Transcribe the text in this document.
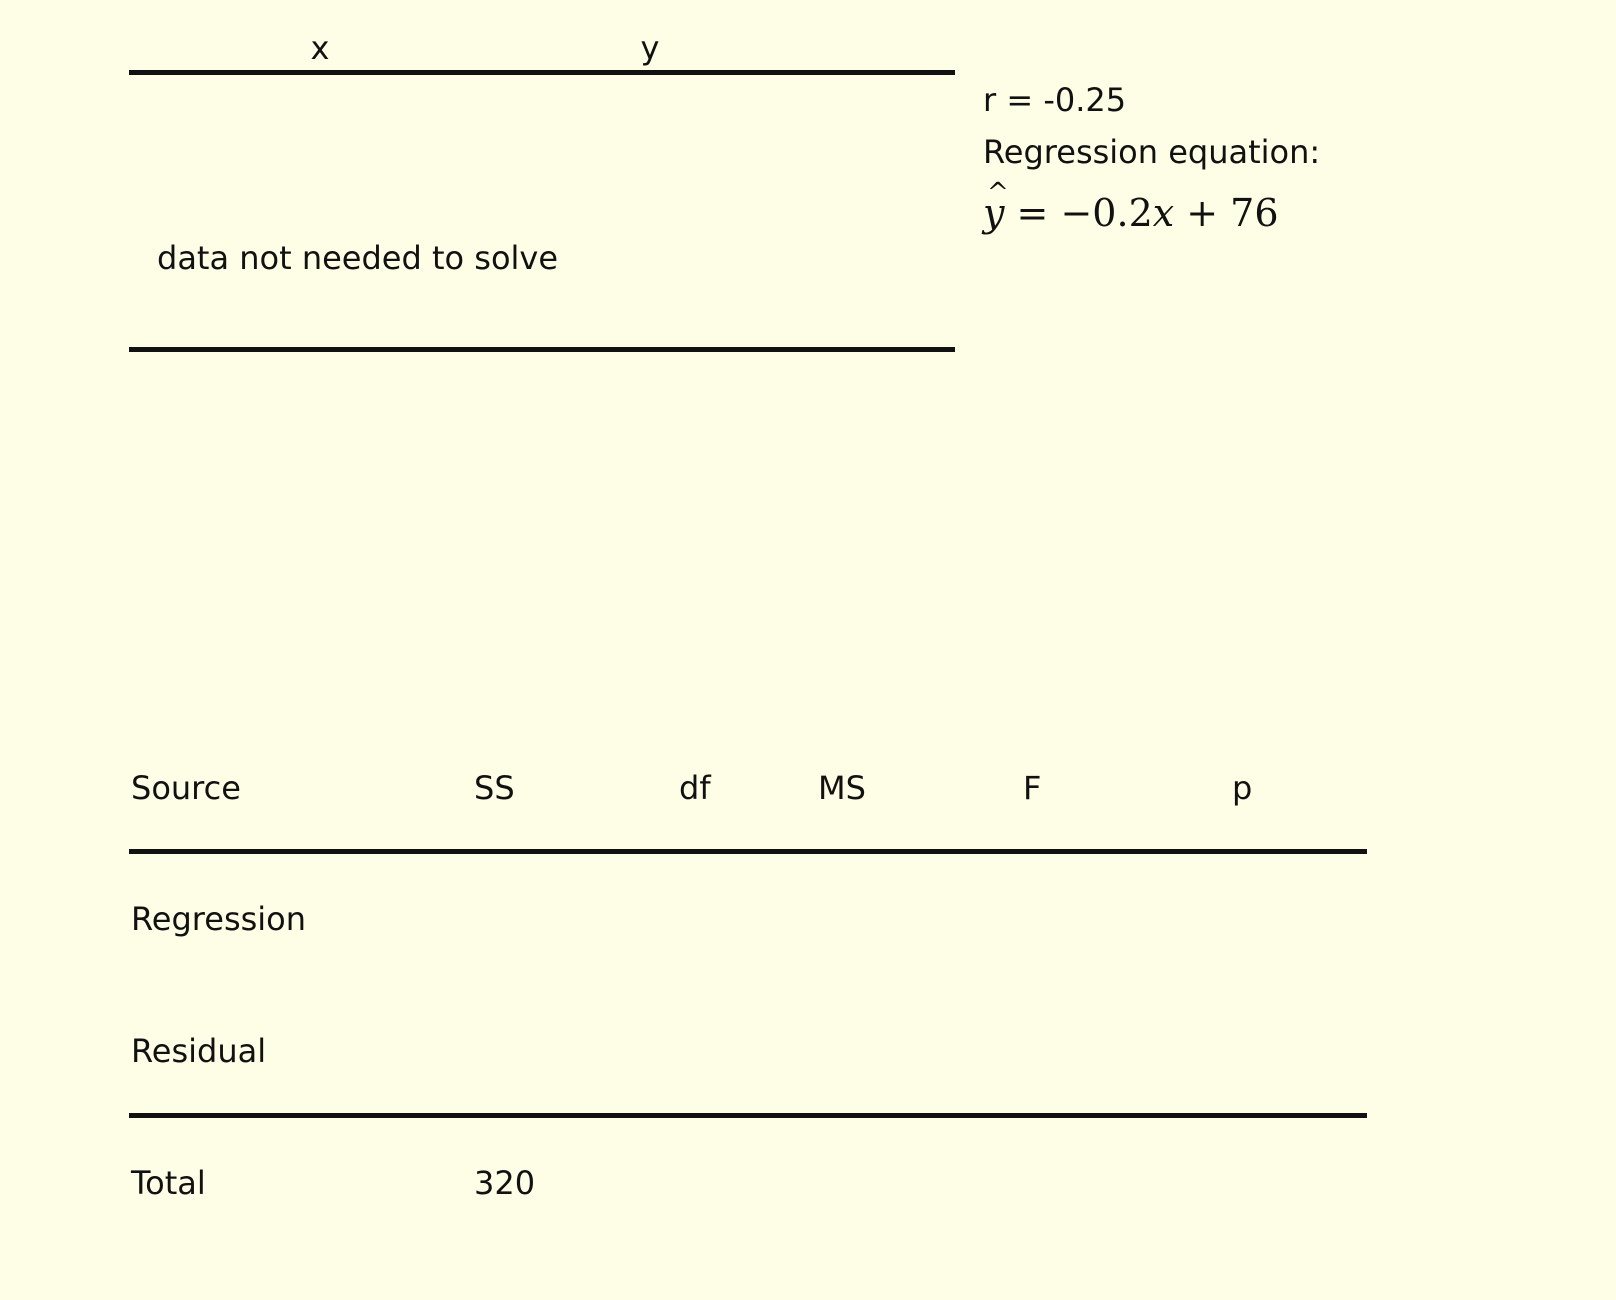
x	y
data not needed to solve
r = -0.25
Regression equation:
^ y = −0.2x + 76
Source	SS	df	MS	F	p
Regression
Residual
Total	320
